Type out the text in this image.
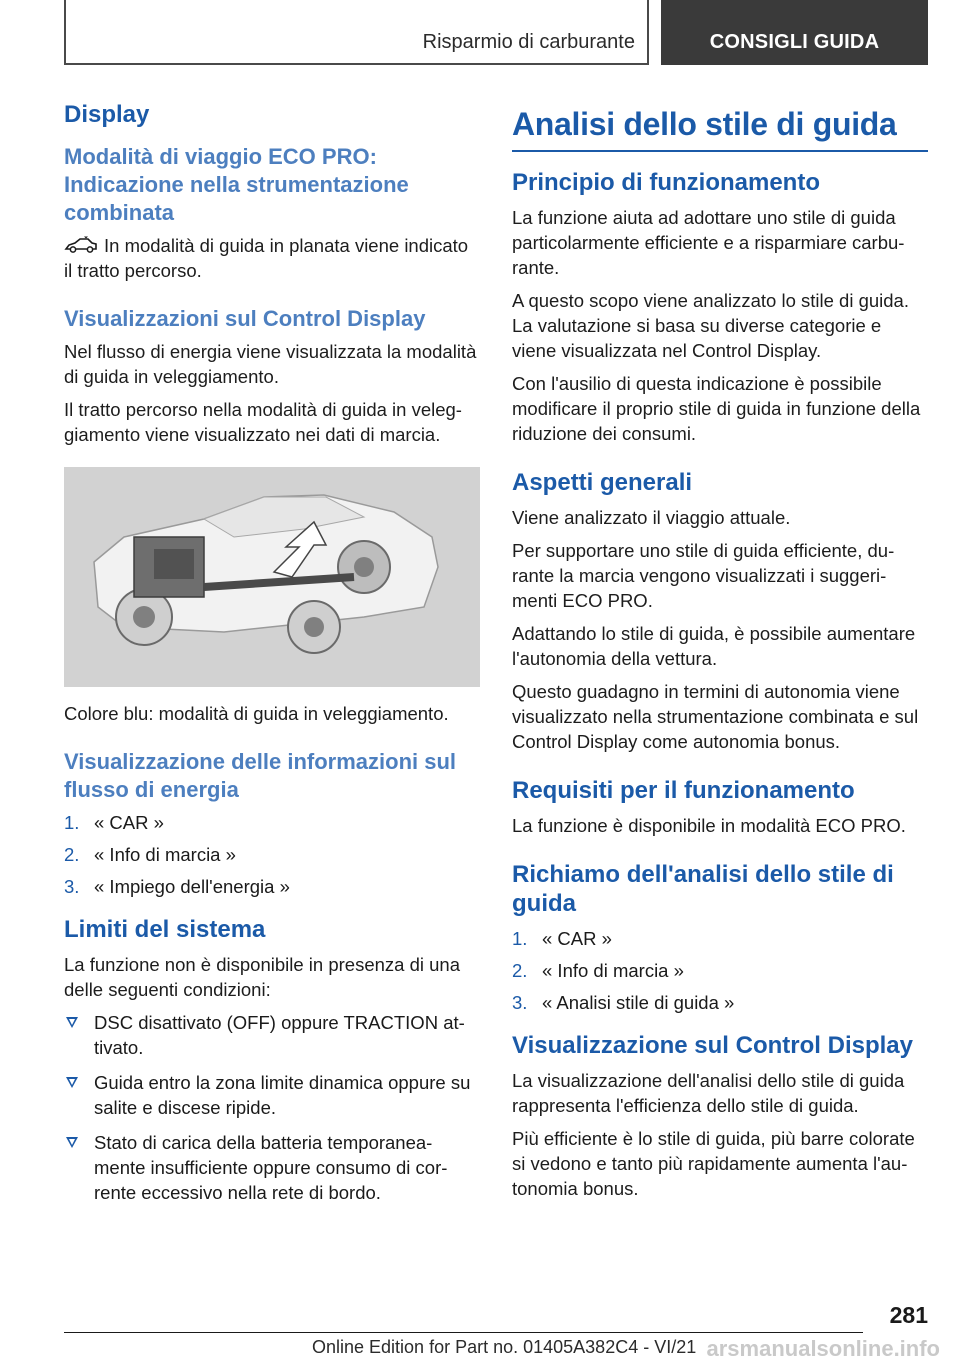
Risparmio di carburante	CONSIGLI GUIDA
Display
Modalità di viaggio ECO PRO: Indicazione nella strumentazione combinata

In modalità di guida in planata viene indicato il tratto percorso.

Visualizzazioni sul Control Display

Nel flusso di energia viene visualizzata la modalità di guida in veleggiamento.

Il tratto percorso nella modalità di guida in veleg‐giamento viene visualizzato nei dati di marcia.

Colore blu: modalità di guida in veleggiamento.

Visualizzazione delle informazioni sul flusso di energia
1. « CAR »
2. « Info di marcia »
3. « Impiego dell'energia »
Limiti del sistema

La funzione non è disponibile in presenza di una delle seguenti condizioni:

DSC disattivato (OFF) oppure TRACTION at‐tivato.
Guida entro la zona limite dinamica oppure su salite e discese ripide.
Stato di carica della batteria temporanea‐mente insufficiente oppure consumo di cor‐rente eccessivo nella rete di bordo.
Analisi dello stile di guida
Principio di funzionamento

La funzione aiuta ad adottare uno stile di guida particolarmente efficiente e a risparmiare carbu‐rante.

A questo scopo viene analizzato lo stile di guida. La valutazione si basa su diverse categorie e viene visualizzata nel Control Display.

Con l'ausilio di questa indicazione è possibile modificare il proprio stile di guida in funzione della riduzione dei consumi.

Aspetti generali

Viene analizzato il viaggio attuale.

Per supportare uno stile di guida efficiente, du‐rante la marcia vengono visualizzati i suggeri‐menti ECO PRO.

Adattando lo stile di guida, è possibile aumentare l'autonomia della vettura.

Questo guadagno in termini di autonomia viene visualizzato nella strumentazione combinata e sul Control Display come autonomia bonus.

Requisiti per il funzionamento

La funzione è disponibile in modalità ECO PRO.

Richiamo dell'analisi dello stile di guida
1. « CAR »
2. « Info di marcia »
3. « Analisi stile di guida »
Visualizzazione sul Control Display

La visualizzazione dell'analisi dello stile di guida rappresenta l'efficienza dello stile di guida.

Più efficiente è lo stile di guida, più barre colorate si vedono e tanto più rapidamente aumenta l'au‐tonomia bonus.

281
Online Edition for Part no. 01405A382C4 - VI/21 arsmanualsonline.info
